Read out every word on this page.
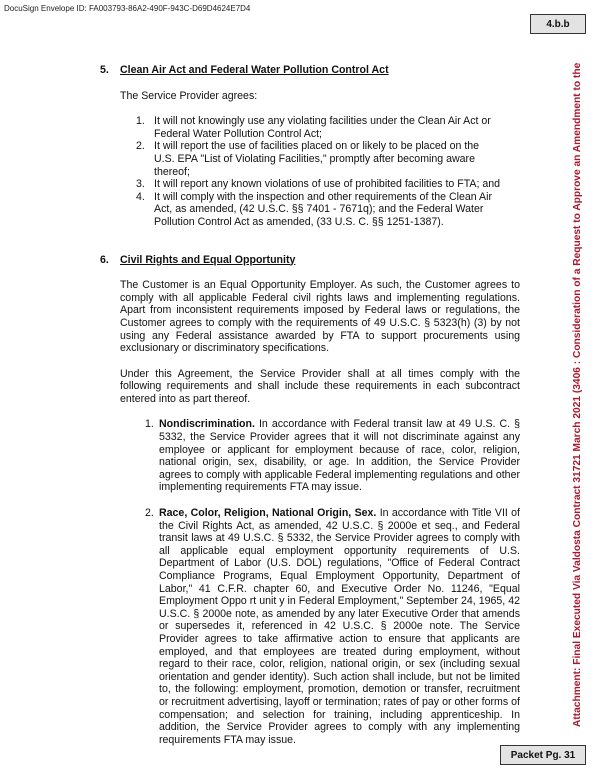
DocuSign Envelope ID: FA003793-86A2-490F-943C-D69D4624E7D4
4.b.b
Attachment: Final Executed Via Valdosta Contract 31721 March 2021 (3406 : Consideration of a Request to Approve an Amendment to the
5.	Clean Air Act and Federal Water Pollution Control Act

The Service Provider agrees:

1. It will not knowingly use any violating facilities under the Clean Air Act or Federal Water Pollution Control Act;
2. It will report the use of facilities placed on or likely to be placed on the U.S. EPA "List of Violating Facilities," promptly after becoming aware thereof;
3. It will report any known violations of use of prohibited facilities to FTA; and
4. It will comply with the inspection and other requirements of the Clean Air Act, as amended, (42 U.S.C. §§ 7401 - 7671q); and the Federal Water Pollution Control Act as amended, (33 U.S. C. §§ 1251-1387).
6.	Civil Rights and Equal Opportunity

The Customer is an Equal Opportunity Employer. As such, the Customer agrees to comply with all applicable Federal civil rights laws and implementing regulations. Apart from inconsistent requirements imposed by Federal laws or regulations, the Customer agrees to comply with the requirements of 49 U.S.C. § 5323(h) (3) by not using any Federal assistance awarded by FTA to support procurements using exclusionary or discriminatory specifications.

Under this Agreement, the Service Provider shall at all times comply with the following requirements and shall include these requirements in each subcontract entered into as part thereof.

1. Nondiscrimination. In accordance with Federal transit law at 49 U.S. C. § 5332, the Service Provider agrees that it will not discriminate against any employee or applicant for employment because of race, color, religion, national origin, sex, disability, or age. In addition, the Service Provider agrees to comply with applicable Federal implementing regulations and other implementing requirements FTA may issue.
2. Race, Color, Religion, National Origin, Sex. In accordance with Title VII of the Civil Rights Act, as amended, 42 U.S.C. § 2000e et seq., and Federal transit laws at 49 U.S.C. § 5332, the Service Provider agrees to comply with all applicable equal employment opportunity requirements of U.S. Department of Labor (U.S. DOL) regulations, "Office of Federal Contract Compliance Programs, Equal Employment Opportunity, Department of Labor," 41 C.F.R. chapter 60, and Executive Order No. 11246, "Equal Employment Oppo rt unit y in Federal Employment," September 24, 1965, 42 U.S.C. § 2000e note, as amended by any later Executive Order that amends or supersedes it, referenced in 42 U.S.C. § 2000e note. The Service Provider agrees to take affirmative action to ensure that applicants are employed, and that employees are treated during employment, without regard to their race, color, religion, national origin, or sex (including sexual orientation and gender identity). Such action shall include, but not be limited to, the following: employment, promotion, demotion or transfer, recruitment or recruitment advertising, layoff or termination; rates of pay or other forms of compensation; and selection for training, including apprenticeship. In addition, the Service Provider agrees to comply with any implementing requirements FTA may issue.
Packet Pg. 31
